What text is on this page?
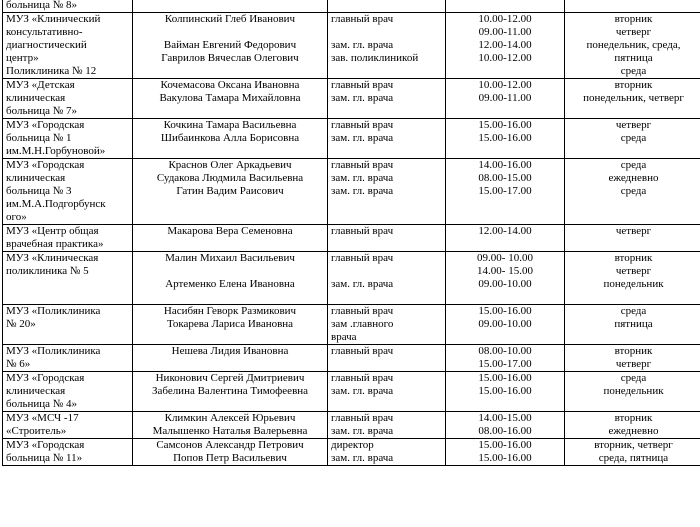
больница № 8»				

МУЗ «Клинический
консультативно-
диагностический
центр»
Поликлиника № 12	Колпинский Глеб Иванович
Вайман Евгений Федорович
Гаврилов Вячеслав Олегович	главный врач
зам. гл. врача
зав. поликлиникой	10.00-12.00
09.00-11.00
12.00-14.00
10.00-12.00	вторник
четверг
понедельник, среда,
пятница
среда

МУЗ «Детская
клиническая
больница № 7»	Кочемасова Оксана Ивановна
Вакулова Тамара Михайловна	главный врач
зам. гл. врача	10.00-12.00
09.00-11.00	вторник
понедельник, четверг

МУЗ «Городская
больница № 1
им.М.Н.Горбуновой»	Кочкина Тамара Васильевна
Шибаинкова Алла Борисовна	главный врач
зам. гл. врача	15.00-16.00
15.00-16.00	четверг
среда

МУЗ «Городская
клиническая
больница № 3
им.М.А.Подгорбунск
ого»	Краснов Олег Аркадьевич
Судакова Людмила Васильевна
Гатин Вадим Раисович	главный врач
зам. гл. врача
зам. гл. врача	14.00-16.00
08.00-15.00
15.00-17.00	среда
ежедневно
среда

МУЗ «Центр общая
врачебная практика»	Макарова Вера Семеновна	главный врач	12.00-14.00	четверг

МУЗ «Клиническая
поликлиника № 5	Малин Михаил Васильевич
Артеменко Елена Ивановна	главный врач
зам. гл. врача	09.00- 10.00
14.00- 15.00
09.00-10.00	вторник
четверг
понедельник

МУЗ «Поликлиника
№ 20»	Насибян Геворк Размикович
Токарева Лариса Ивановна	главный врач
зам .главного
врача	15.00-16.00
09.00-10.00	среда
пятница

МУЗ «Поликлиника
№ 6»	Нешева Лидия Ивановна	главный врач	08.00-10.00
15.00-17.00	вторник
четверг

МУЗ «Городская
клиническая
больница № 4»	Никонович Сергей Дмитриевич
Забелина Валентина Тимофеевна	главный врач
зам. гл. врача	15.00-16.00
15.00-16.00	среда
понедельник

МУЗ «МСЧ -17
«Строитель»	Климкин Алексей Юрьевич
Малышенко Наталья Валерьевна	главный врач
зам. гл. врача	14.00-15.00
08.00-16.00	вторник
ежедневно

МУЗ «Городская
больница № 11»	Самсонов Александр Петрович
Попов Петр Васильевич	директор
зам. гл. врача	15.00-16.00
15.00-16.00	вторник, четверг
среда, пятница
